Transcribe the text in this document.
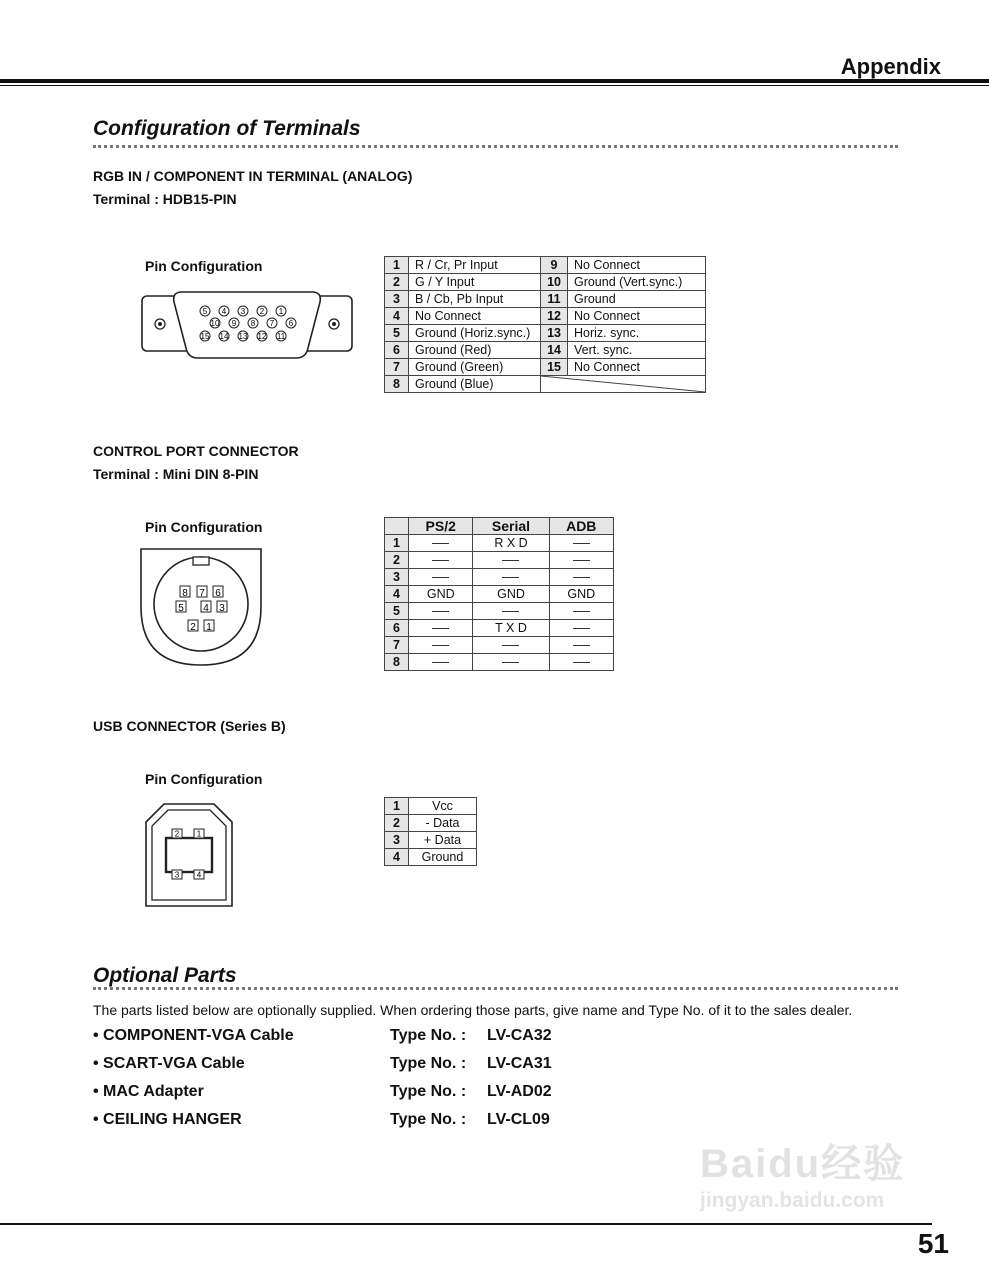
Appendix
Configuration of Terminals
RGB IN / COMPONENT IN TERMINAL (ANALOG)
Terminal : HDB15-PIN
Pin Configuration
5 4 3 2 1
10 9 8 7 6
15 14 13 12 11
1	R / Cr, Pr Input	9	No Connect
2	G / Y Input	10	Ground (Vert.sync.)
3	B / Cb, Pb Input	11	Ground
4	No Connect	12	No Connect
5	Ground (Horiz.sync.)	13	Horiz. sync.
6	Ground (Red)	14	Vert. sync.
7	Ground (Green)	15	No Connect
8	Ground (Blue)	
CONTROL PORT CONNECTOR
Terminal : Mini DIN 8-PIN
Pin Configuration
8 7 6
5 4 3
2 1
	PS/2	Serial	ADB
1		R X D	
2			
3			
4	GND	GND	GND
5			
6		T X D	
7			
8			
USB CONNECTOR (Series B)
Pin Configuration
2 1
3 4
1	Vcc
2	- Data
3	+ Data
4	Ground
Optional Parts
The parts listed below are optionally supplied. When ordering those parts, give name and Type No. of it to the sales dealer.
• COMPONENT-VGA Cable	Type No. : LV-CA32
• SCART-VGA Cable	Type No. : LV-CA31
• MAC Adapter	Type No. : LV-AD02
• CEILING HANGER	Type No. : LV-CL09
Baidu经验
jingyan.baidu.com
51
